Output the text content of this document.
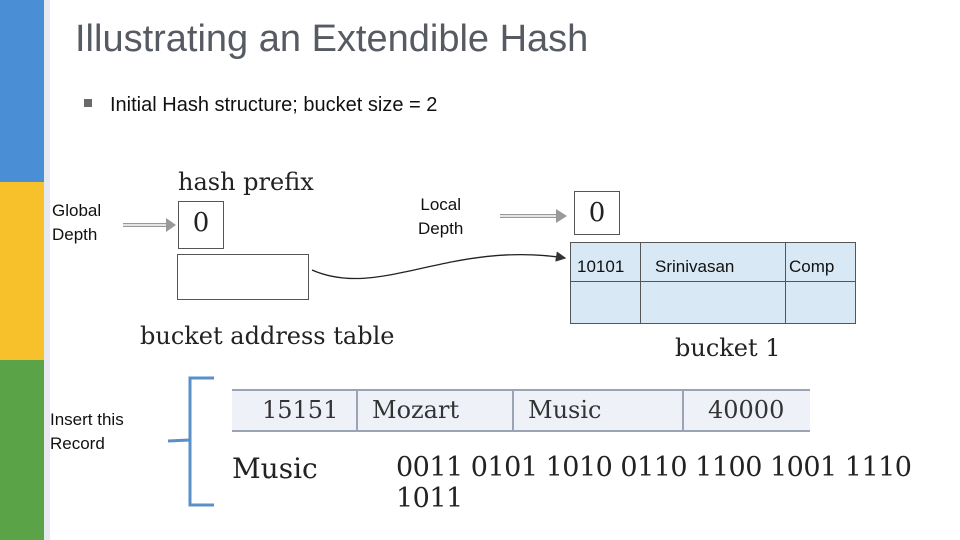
Illustrating an Extendible Hash
Initial Hash structure; bucket size = 2
hash prefix
Global
Depth	0
bucket address table
Local
Depth
0
10101 Srinivasan	Comp
bucket 1
Insert this
Record
15151 Mozart	Music	40000
Music	0011 0101 1010 0110 1100 1001 1110 1011
